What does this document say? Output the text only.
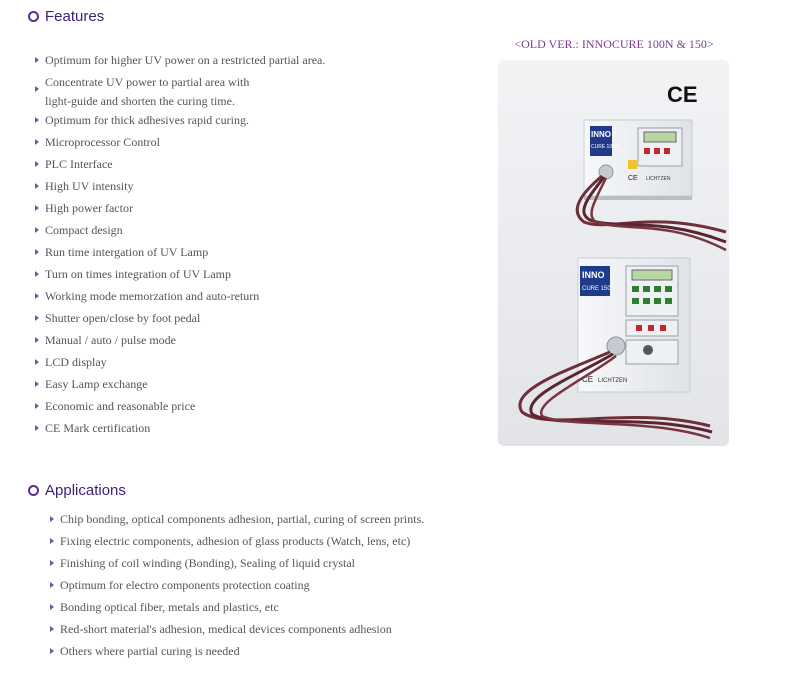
Features
Optimum for higher UV power on a restricted partial area.
Concentrate UV power to partial area with light-guide and shorten the curing time.
Optimum for thick adhesives rapid curing.
Microprocessor Control
PLC Interface
High UV intensity
High power factor
Compact design
Run time intergation of UV Lamp
Turn on times integration of UV Lamp
Working mode memorzation and auto-return
Shutter open/close by foot pedal
Manual / auto / pulse mode
LCD display
Easy Lamp exchange
Economic and reasonable price
CE Mark certification
<OLD VER.: INNOCURE 100N & 150>
CE
INNO
CURE 100N
CE LICHTZEN
INNO
CURE 150
CE LICHTZEN
Applications
Chip bonding, optical components adhesion, partial, curing of screen prints.
Fixing electric components, adhesion of glass products (Watch, lens, etc)
Finishing of coil winding (Bonding), Sealing of liquid crystal
Optimum for electro components protection coating
Bonding optical fiber, metals and plastics, etc
Red-short material's adhesion, medical devices components adhesion
Others where partial curing is needed
